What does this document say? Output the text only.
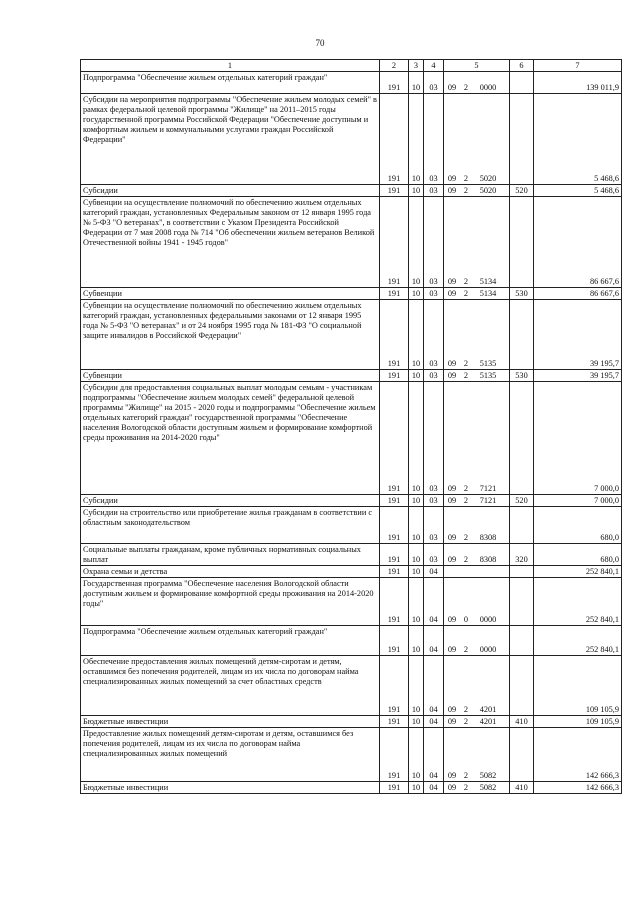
70
1	2	3	4	5	6	7

Подпрограмма "Обеспечение жильем отдельных категорий граждан"	191	10	03	09 2 0000		139 011,9

Субсидии на мероприятия подпрограммы "Обеспечение жильем молодых семей" в рамках федеральной целевой программы "Жилище" на 2011–2015 годы государственной программы Российской Федерации "Обеспечение доступным и комфортным жильем и коммунальными услугами граждан Российской Федерации"	191	10	03	09 2 5020		5 468,6

Субсидии	191	10	03	09 2 5020	520	5 468,6

Субвенции на осуществление полномочий по обеспечению жильем отдельных категорий граждан, установленных Федеральным законом от 12 января 1995 года № 5-ФЗ "О ветеранах", в соответствии с Указом Президента Российской Федерации от 7 мая 2008 года № 714 "Об обеспечении жильем ветеранов Великой Отечественной войны 1941 - 1945 годов"	191	10	03	09 2 5134		86 667,6

Субвенции	191	10	03	09 2 5134	530	86 667,6

Субвенции на осуществление полномочий по обеспечению жильем отдельных категорий граждан, установленных федеральными законами от 12 января 1995 года № 5-ФЗ "О ветеранах" и от 24 ноября 1995 года № 181-ФЗ "О социальной защите инвалидов в Российской Федерации"	191	10	03	09 2 5135		39 195,7

Субвенции	191	10	03	09 2 5135	530	39 195,7

Субсидии для предоставления социальных выплат молодым семьям - участникам подпрограммы "Обеспечение жильем молодых семей" федеральной целевой программы "Жилище" на 2015 - 2020 годы и подпрограммы "Обеспечение жильем отдельных категорий граждан" государственной программы "Обеспечение населения Вологодской области доступным жильем и формирование комфортной среды проживания на 2014-2020 годы"	191	10	03	09 2 7121		7 000,0

Субсидии	191	10	03	09 2 7121	520	7 000,0

Субсидии на строительство или приобретение жилья гражданам в соответствии с областным законодательством	191	10	03	09 2 8308		680,0

Социальные выплаты гражданам, кроме публичных нормативных социальных выплат	191	10	03	09 2 8308	320	680,0

Охрана семьи и детства	191	10	04			252 840,1

Государственная программа "Обеспечение населения Вологодской области доступным жильем и формирование комфортной среды проживания на 2014-2020 годы"	191	10	04	09 0 0000		252 840,1

Подпрограмма "Обеспечение жильем отдельных категорий граждан"	191	10	04	09 2 0000		252 840,1

Обеспечение предоставления жилых помещений детям-сиротам и детям, оставшимся без попечения родителей, лицам из их числа по договорам найма специализированных жилых помещений за счет областных средств	191	10	04	09 2 4201		109 105,9

Бюджетные инвестиции	191	10	04	09 2 4201	410	109 105,9

Предоставление жилых помещений детям-сиротам и детям, оставшимся без попечения родителей, лицам из их числа по договорам найма специализированных жилых помещений	191	10	04	09 2 5082		142 666,3

Бюджетные инвестиции	191	10	04	09 2 5082	410	142 666,3
